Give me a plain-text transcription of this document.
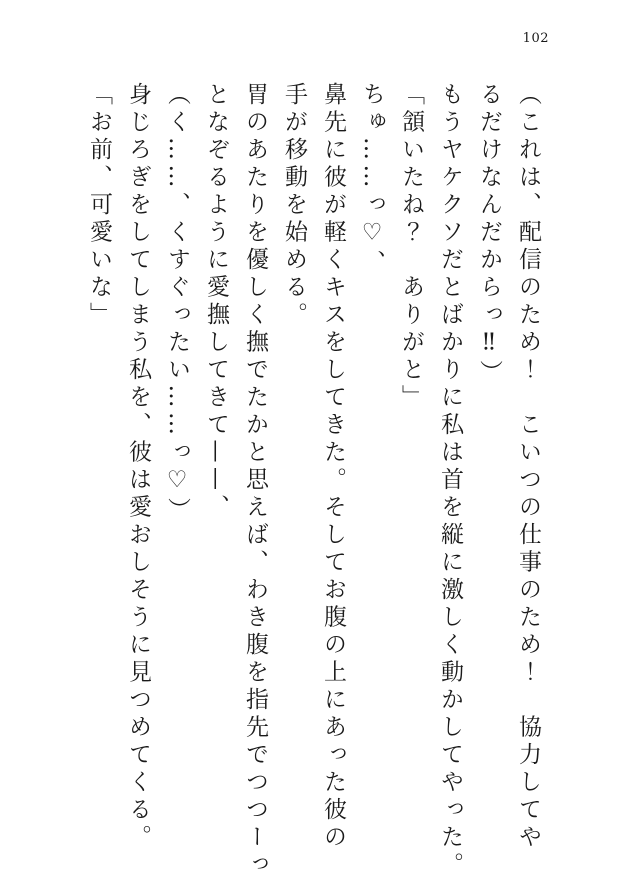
102

（これは、配信のため！　こいつの仕事のため！　協力してや

るだけなんだからっ‼）

もうヤケクソだとばかりに私は首を縦に激しく動かしてやった。

「頷いたね？　ありがと」

ちゅ……っ♡、

鼻先に彼が軽くキスをしてきた。そしてお腹の上にあった彼の

手が移動を始める。

胃のあたりを優しく撫でたかと思えば、わき腹を指先でつつーっ

となぞるように愛撫してきて——、

（く……、くすぐったい……っ♡）

身じろぎをしてしまう私を、彼は愛おしそうに見つめてくる。

「お前、可愛いな」
